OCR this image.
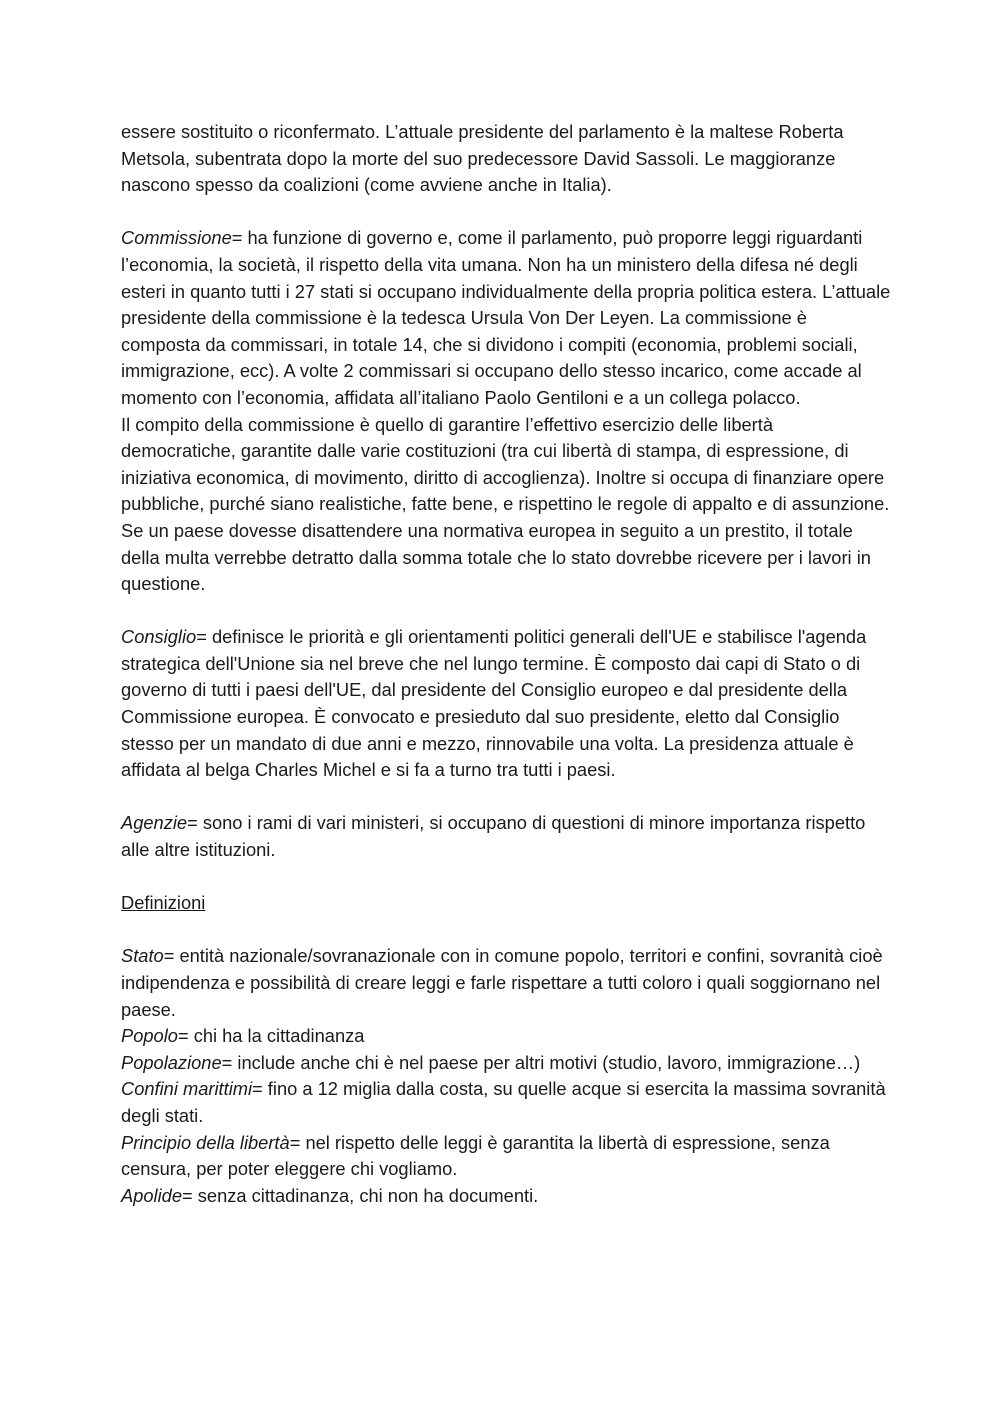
essere sostituito o riconfermato. L’attuale presidente del parlamento è la maltese Roberta Metsola, subentrata dopo la morte del suo predecessore David Sassoli. Le maggioranze nascono spesso da coalizioni (come avviene anche in Italia).

Commissione= ha funzione di governo e, come il parlamento, può proporre leggi riguardanti l’economia, la società, il rispetto della vita umana. Non ha un ministero della difesa né degli esteri in quanto tutti i 27 stati si occupano individualmente della propria politica estera. L’attuale presidente della commissione è la tedesca Ursula Von Der Leyen. La commissione è composta da commissari, in totale 14, che si dividono i compiti (economia, problemi sociali, immigrazione, ecc). A volte 2 commissari si occupano dello stesso incarico, come accade al momento con l’economia, affidata all’italiano Paolo Gentiloni e a un collega polacco.

Il compito della commissione è quello di garantire l’effettivo esercizio delle libertà democratiche, garantite dalle varie costituzioni (tra cui libertà di stampa, di espressione, di iniziativa economica, di movimento, diritto di accoglienza). Inoltre si occupa di finanziare opere pubbliche, purché siano realistiche, fatte bene, e rispettino le regole di appalto e di assunzione. Se un paese dovesse disattendere una normativa europea in seguito a un prestito, il totale della multa verrebbe detratto dalla somma totale che lo stato dovrebbe ricevere per i lavori in questione.

Consiglio= definisce le priorità e gli orientamenti politici generali dell'UE e stabilisce l'agenda strategica dell'Unione sia nel breve che nel lungo termine. È composto dai capi di Stato o di governo di tutti i paesi dell'UE, dal presidente del Consiglio europeo e dal presidente della Commissione europea. È convocato e presieduto dal suo presidente, eletto dal Consiglio stesso per un mandato di due anni e mezzo, rinnovabile una volta. La presidenza attuale è affidata al belga Charles Michel e si fa a turno tra tutti i paesi.

Agenzie= sono i rami di vari ministeri, si occupano di questioni di minore importanza rispetto alle altre istituzioni.

Definizioni

Stato= entità nazionale/sovranazionale con in comune popolo, territori e confini, sovranità cioè indipendenza e possibilità di creare leggi e farle rispettare a tutti coloro i quali soggiornano nel paese.

Popolo= chi ha la cittadinanza

Popolazione= include anche chi è nel paese per altri motivi (studio, lavoro, immigrazione…)

Confini marittimi= fino a 12 miglia dalla costa, su quelle acque si esercita la massima sovranità degli stati.

Principio della libertà= nel rispetto delle leggi è garantita la libertà di espressione, senza censura, per poter eleggere chi vogliamo.

Apolide= senza cittadinanza, chi non ha documenti.
